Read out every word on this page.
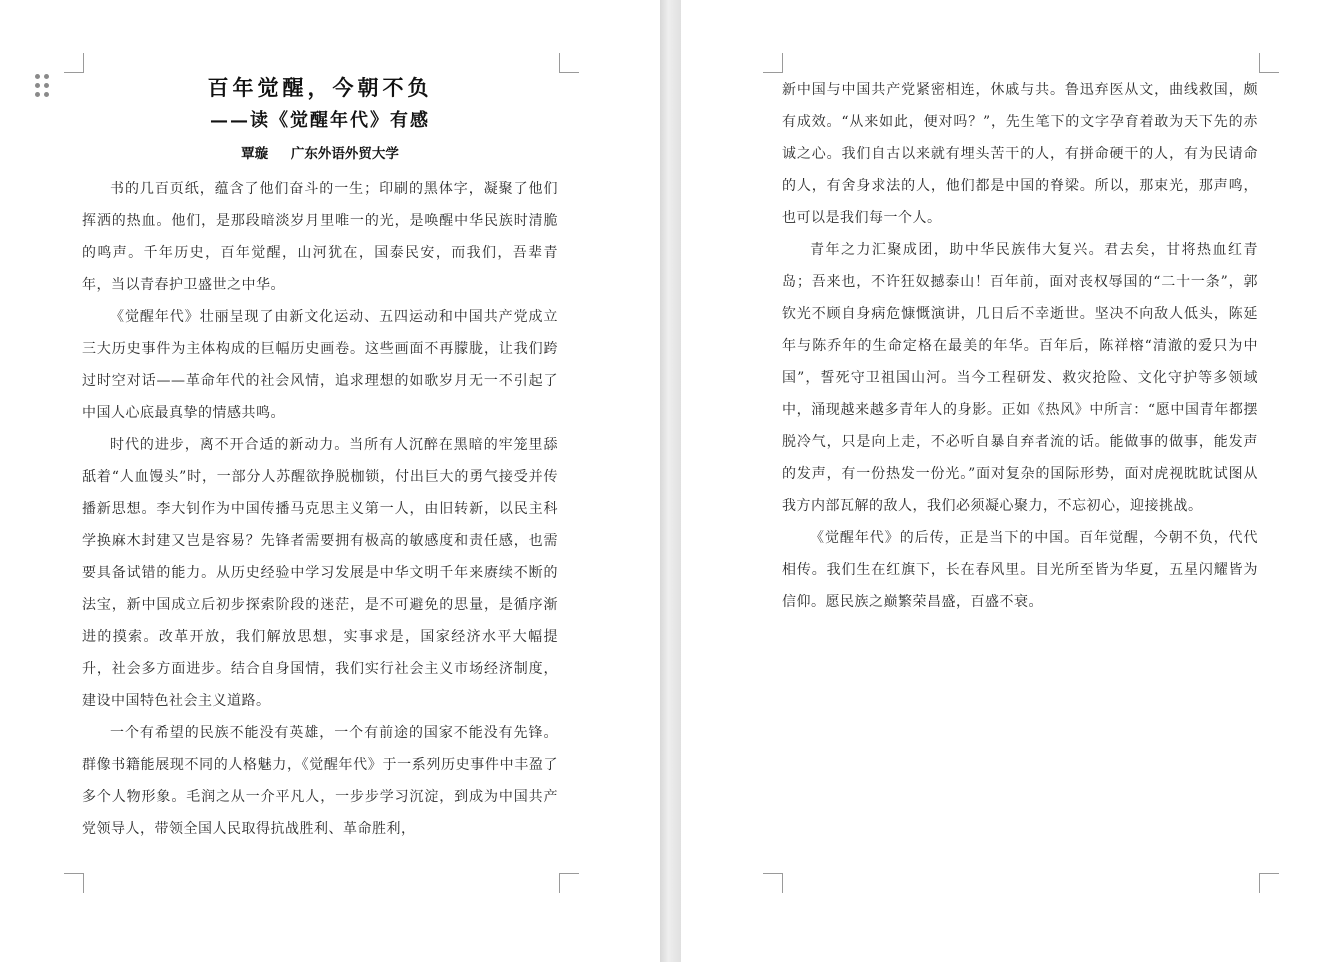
百年觉醒，今朝不负
——读《觉醒年代》有感
覃璇 广东外语外贸大学

书的几百页纸，蕴含了他们奋斗的一生；印刷的黑体字，凝聚了他们挥洒的热血。他们，是那段暗淡岁月里唯一的光，是唤醒中华民族时清脆的鸣声。千年历史，百年觉醒，山河犹在，国泰民安，而我们，吾辈青年，当以青春护卫盛世之中华。

《觉醒年代》壮丽呈现了由新文化运动、五四运动和中国共产党成立三大历史事件为主体构成的巨幅历史画卷。这些画面不再朦胧，让我们跨过时空对话——革命年代的社会风情，追求理想的如歌岁月无一不引起了中国人心底最真挚的情感共鸣。

时代的进步，离不开合适的新动力。当所有人沉醉在黑暗的牢笼里舔舐着“人血馒头”时，一部分人苏醒欲挣脱枷锁，付出巨大的勇气接受并传播新思想。李大钊作为中国传播马克思主义第一人，由旧转新，以民主科学换麻木封建又岂是容易？先锋者需要拥有极高的敏感度和责任感，也需要具备试错的能力。从历史经验中学习发展是中华文明千年来赓续不断的法宝，新中国成立后初步探索阶段的迷茫，是不可避免的思量，是循序渐进的摸索。改革开放，我们解放思想，实事求是，国家经济水平大幅提升，社会多方面进步。结合自身国情，我们实行社会主义市场经济制度，建设中国特色社会主义道路。

一个有希望的民族不能没有英雄，一个有前途的国家不能没有先锋。群像书籍能展现不同的人格魅力，《觉醒年代》于一系列历史事件中丰盈了多个人物形象。毛润之从一介平凡人，一步步学习沉淀，到成为中国共产党领导人，带领全国人民取得抗战胜利、革命胜利，

新中国与中国共产党紧密相连，休戚与共。鲁迅弃医从文，曲线救国，颇有成效。“从来如此，便对吗？”，先生笔下的文字孕育着敢为天下先的赤诚之心。我们自古以来就有埋头苦干的人，有拼命硬干的人，有为民请命的人，有舍身求法的人，他们都是中国的脊梁。所以，那束光，那声鸣，也可以是我们每一个人。

青年之力汇聚成团，助中华民族伟大复兴。君去矣，甘将热血红青岛；吾来也，不许狂奴撼泰山！百年前，面对丧权辱国的“二十一条”，郭钦光不顾自身病危慷慨演讲，几日后不幸逝世。坚决不向敌人低头，陈延年与陈乔年的生命定格在最美的年华。百年后，陈祥榕“清澈的爱只为中国”，誓死守卫祖国山河。当今工程研发、救灾抢险、文化守护等多领域中，涌现越来越多青年人的身影。正如《热风》中所言：“愿中国青年都摆脱冷气，只是向上走，不必听自暴自弃者流的话。能做事的做事，能发声的发声，有一份热发一份光。”面对复杂的国际形势，面对虎视眈眈试图从我方内部瓦解的敌人，我们必须凝心聚力，不忘初心，迎接挑战。

《觉醒年代》的后传，正是当下的中国。百年觉醒，今朝不负，代代相传。我们生在红旗下，长在春风里。目光所至皆为华夏，五星闪耀皆为信仰。愿民族之巅繁荣昌盛，百盛不衰。
